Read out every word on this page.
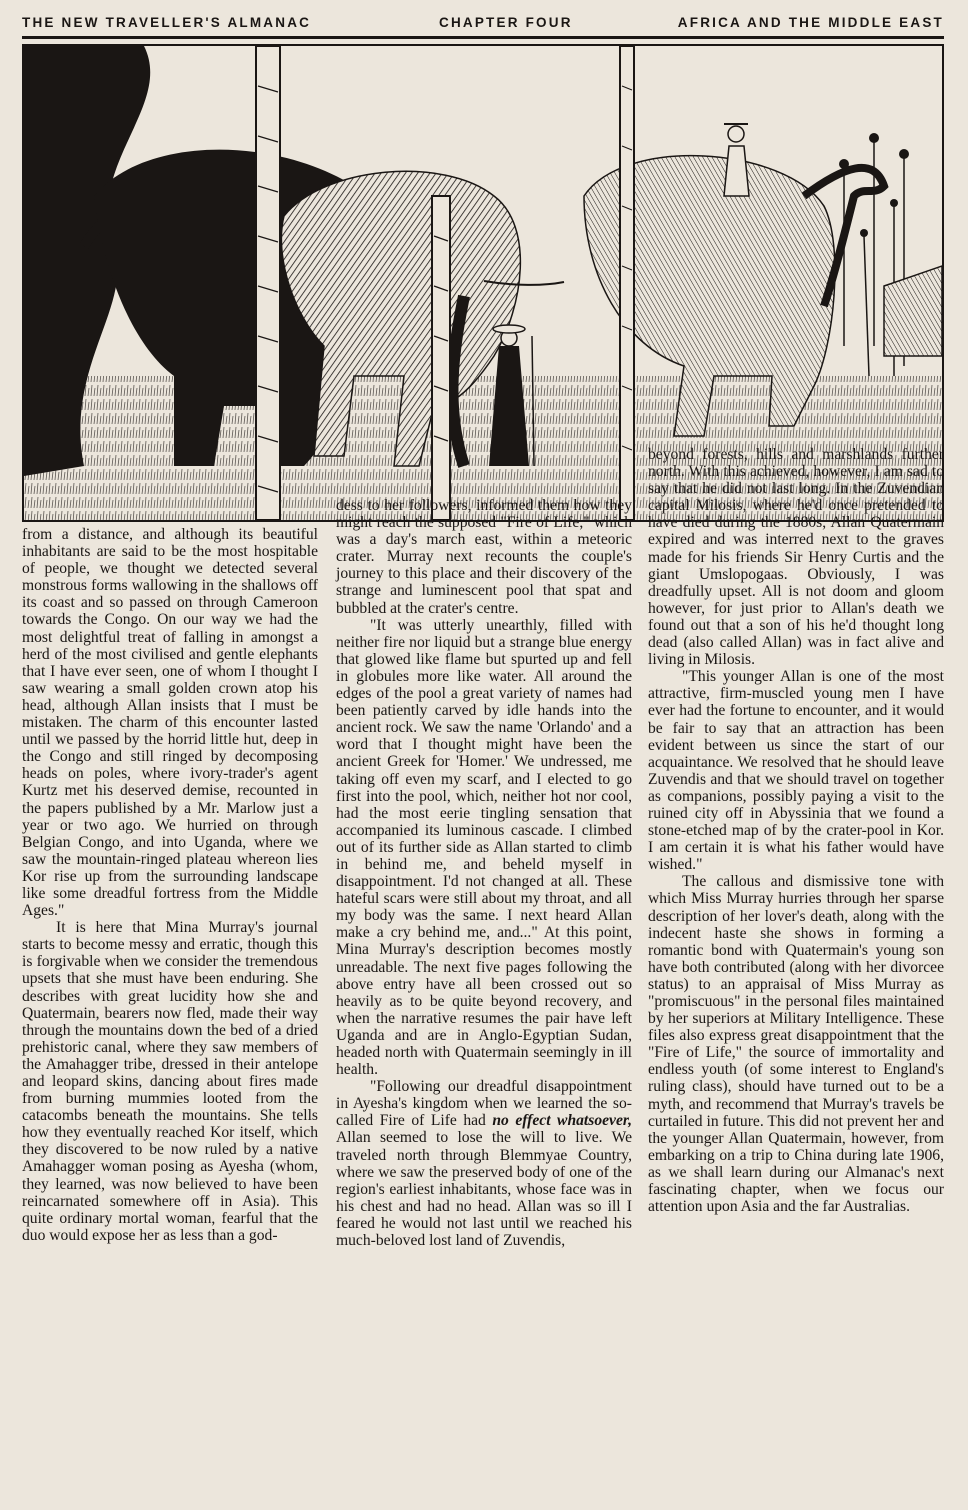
THE NEW TRAVELLER'S ALMANAC	CHAPTER FOUR	AFRICA AND THE MIDDLE EAST

from a distance, and although its beautiful inhabitants are said to be the most hospitable of people, we thought we detected several monstrous forms wallowing in the shallows off its coast and so passed on through Cameroon towards the Congo. On our way we had the most delightful treat of falling in amongst a herd of the most civilised and gentle elephants that I have ever seen, one of whom I thought I saw wearing a small golden crown atop his head, although Allan insists that I must be mistaken. The charm of this encounter lasted until we passed by the horrid little hut, deep in the Congo and still ringed by decomposing heads on poles, where ivory-trader's agent Kurtz met his deserved demise, recounted in the papers published by a Mr. Marlow just a year or two ago. We hurried on through Belgian Congo, and into Uganda, where we saw the mountain-ringed plateau whereon lies Kor rise up from the surrounding landscape like some dreadful fortress from the Middle Ages."

It is here that Mina Murray's journal starts to become messy and erratic, though this is forgivable when we consider the tremendous upsets that she must have been enduring. She describes with great lucidity how she and Quatermain, bearers now fled, made their way through the mountains down the bed of a dried prehistoric canal, where they saw members of the Amahagger tribe, dressed in their antelope and leopard skins, dancing about fires made from burning mummies looted from the catacombs beneath the mountains. She tells how they eventually reached Kor itself, which they discovered to be now ruled by a native Amahagger woman posing as Ayesha (whom, they learned, was now believed to have been reincarnated somewhere off in Asia). This quite ordinary mortal woman, fearful that the duo would expose her as less than a god-

dess to her followers, informed them how they might reach the supposed "Fire of Life," which was a day's march east, within a meteoric crater. Murray next recounts the couple's journey to this place and their discovery of the strange and luminescent pool that spat and bubbled at the crater's centre.

"It was utterly unearthly, filled with neither fire nor liquid but a strange blue energy that glowed like flame but spurted up and fell in globules more like water. All around the edges of the pool a great variety of names had been patiently carved by idle hands into the ancient rock. We saw the name 'Orlando' and a word that I thought might have been the ancient Greek for 'Homer.' We undressed, me taking off even my scarf, and I elected to go first into the pool, which, neither hot nor cool, had the most eerie tingling sensation that accompanied its luminous cascade. I climbed out of its further side as Allan started to climb in behind me, and beheld myself in disappointment. I'd not changed at all. These hateful scars were still about my throat, and all my body was the same. I next heard Allan make a cry behind me, and..." At this point, Mina Murray's description becomes mostly unreadable. The next five pages following the above entry have all been crossed out so heavily as to be quite beyond recovery, and when the narrative resumes the pair have left Uganda and are in Anglo-Egyptian Sudan, headed north with Quatermain seemingly in ill health.

"Following our dreadful disappointment in Ayesha's kingdom when we learned the so-called Fire of Life had no effect whatsoever, Allan seemed to lose the will to live. We traveled north through Blemmyae Country, where we saw the preserved body of one of the region's earliest inhabitants, whose face was in his chest and had no head. Allan was so ill I feared he would not last until we reached his much-beloved lost land of Zuvendis,

beyond forests, hills and marshlands further north. With this achieved, however, I am sad to say that he did not last long. In the Zuvendian capital Milosis, where he'd once pretended to have died during the 1880s, Allan Quatermain expired and was interred next to the graves made for his friends Sir Henry Curtis and the giant Umslopogaas. Obviously, I was dreadfully upset. All is not doom and gloom however, for just prior to Allan's death we found out that a son of his he'd thought long dead (also called Allan) was in fact alive and living in Milosis.

"This younger Allan is one of the most attractive, firm-muscled young men I have ever had the fortune to encounter, and it would be fair to say that an attraction has been evident between us since the start of our acquaintance. We resolved that he should leave Zuvendis and that we should travel on together as companions, possibly paying a visit to the ruined city off in Abyssinia that we found a stone-etched map of by the crater-pool in Kor. I am certain it is what his father would have wished."

The callous and dismissive tone with which Miss Murray hurries through her sparse description of her lover's death, along with the indecent haste she shows in forming a romantic bond with Quatermain's young son have both contributed (along with her divorcee status) to an appraisal of Miss Murray as "promiscuous" in the personal files maintained by her superiors at Military Intelligence. These files also express great disappointment that the "Fire of Life," the source of immortality and endless youth (of some interest to England's ruling class), should have turned out to be a myth, and recommend that Murray's travels be curtailed in future. This did not prevent her and the younger Allan Quatermain, however, from embarking on a trip to China during late 1906, as we shall learn during our Almanac's next fascinating chapter, when we focus our attention upon Asia and the far Australias.
